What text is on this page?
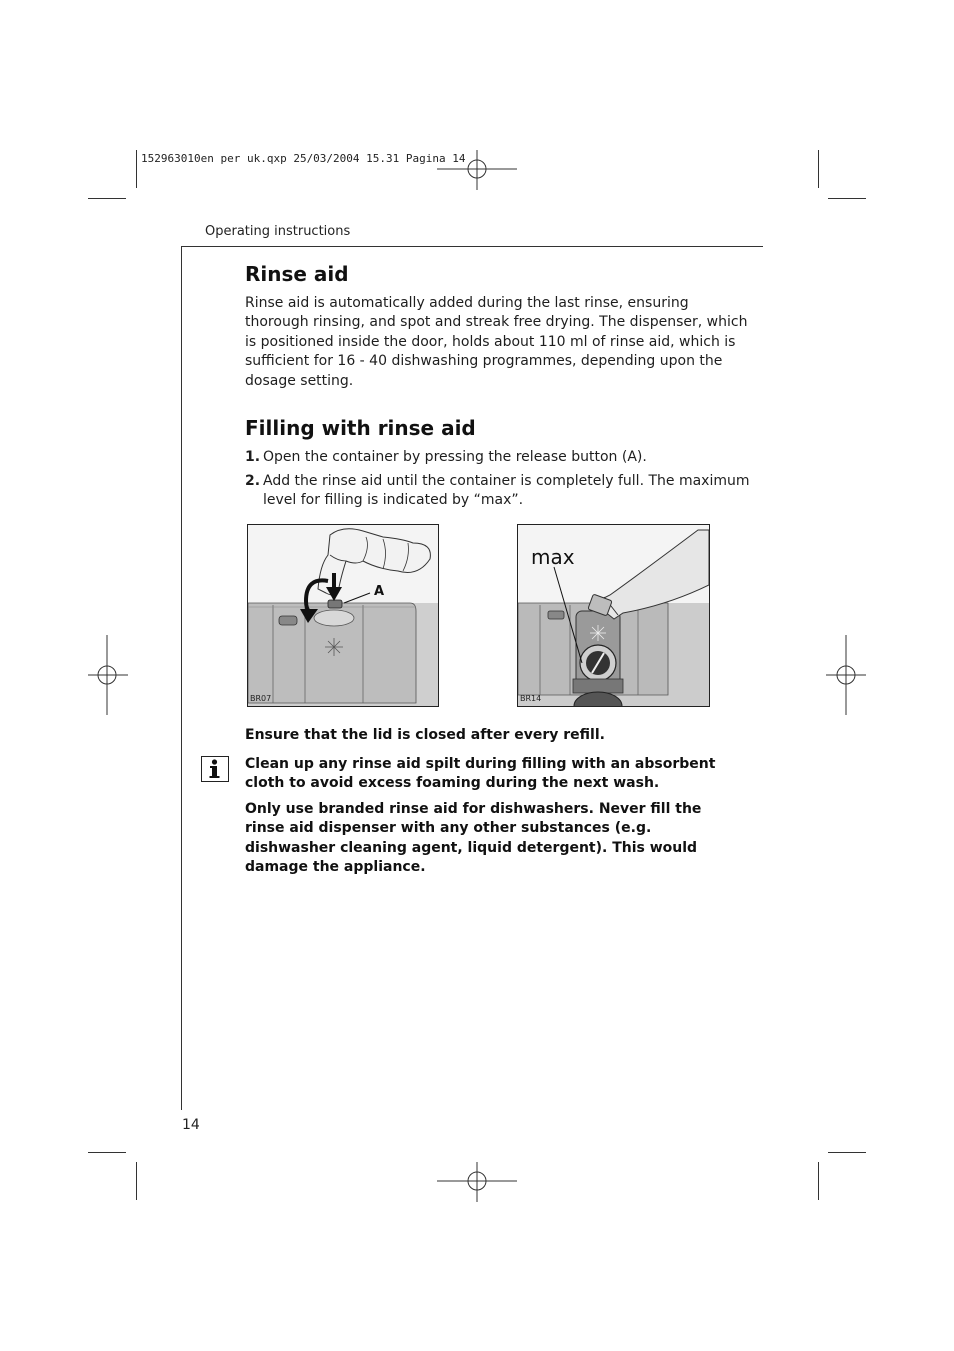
152963010en per uk.qxp 25/03/2004 15.31 Pagina 14
Operating instructions
Rinse aid
Rinse aid is automatically added during the last rinse, ensuring thorough rinsing, and spot and streak free drying. The dispenser, which is positioned inside the door, holds about 110 ml of rinse aid, which is sufficient for 16 - 40 dishwashing programmes, depending upon the dosage setting.
Filling with rinse aid
1. Open the container by pressing the release button (A).
2. Add the rinse aid until the container is completely full. The maximum level for filling is indicated by “max”.
A
BR07
max
BR14
Ensure that the lid is closed after every refill.
Clean up any rinse aid spilt during filling with an absorbent cloth to avoid excess foaming during the next wash.
Only use branded rinse aid for dishwashers. Never fill the rinse aid dispenser with any other substances (e.g. dishwasher cleaning agent, liquid detergent). This would damage the appliance.
14
